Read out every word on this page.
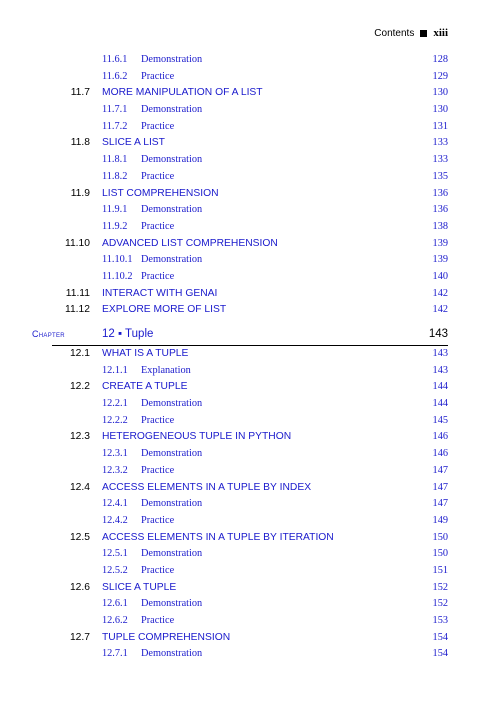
Contents xiii
11.6.1 Demonstration	128
11.6.2 Practice	129
11.7 MORE MANIPULATION OF A LIST	130
11.7.1 Demonstration	130
11.7.2 Practice	131
11.8 SLICE A LIST	133
11.8.1 Demonstration	133
11.8.2 Practice	135
11.9 LIST COMPREHENSION	136
11.9.1 Demonstration	136
11.9.2 Practice	138
11.10 ADVANCED LIST COMPREHENSION	139
11.10.1 Demonstration	139
11.10.2 Practice	140
11.11 INTERACT WITH GENAI	142
11.12 EXPLORE MORE OF LIST	142
Chapter	12 ▪ Tuple	143
12.1 WHAT IS A TUPLE	143
12.1.1 Explanation	143
12.2 CREATE A TUPLE	144
12.2.1 Demonstration	144
12.2.2 Practice	145
12.3 HETEROGENEOUS TUPLE IN PYTHON	146
12.3.1 Demonstration	146
12.3.2 Practice	147
12.4 ACCESS ELEMENTS IN A TUPLE BY INDEX	147
12.4.1 Demonstration	147
12.4.2 Practice	149
12.5 ACCESS ELEMENTS IN A TUPLE BY ITERATION	150
12.5.1 Demonstration	150
12.5.2 Practice	151
12.6 SLICE A TUPLE	152
12.6.1 Demonstration	152
12.6.2 Practice	153
12.7 TUPLE COMPREHENSION	154
12.7.1 Demonstration	154
